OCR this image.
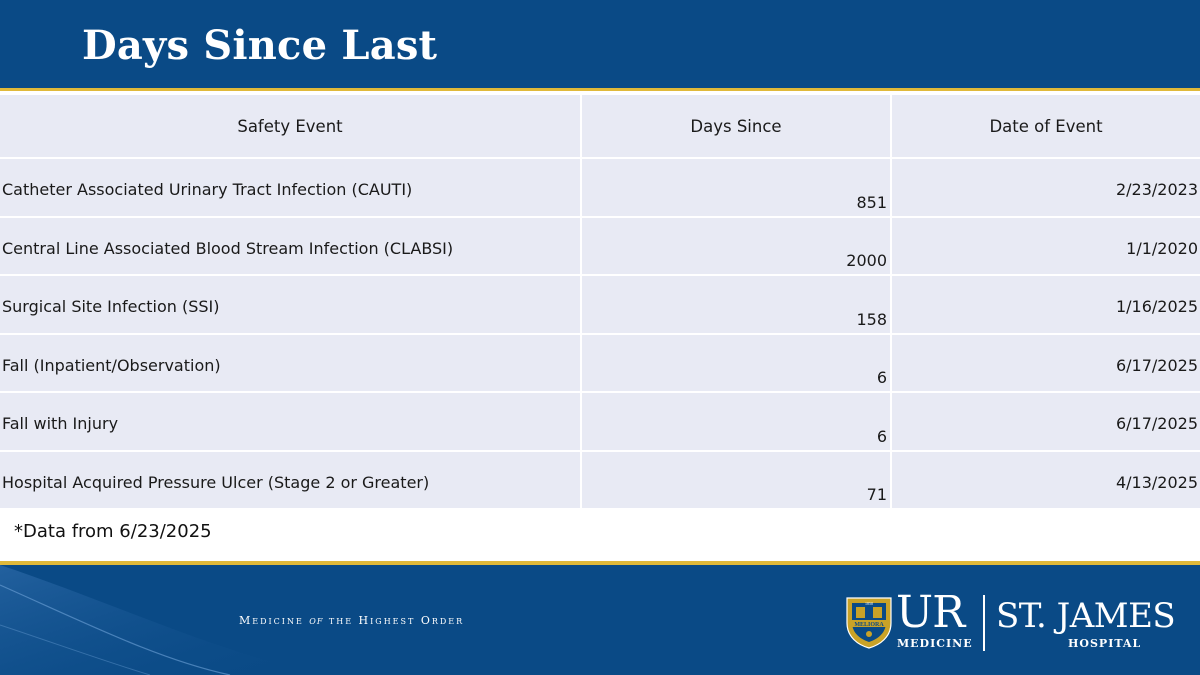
Days Since Last
Safety Event	Days Since	Date of Event
Catheter Associated Urinary Tract Infection (CAUTI)	851	2/23/2023
Central Line Associated Blood Stream Infection (CLABSI)	2000	1/1/2020
Surgical Site Infection (SSI)	158	1/16/2025
Fall (Inpatient/Observation)	6	6/17/2025
Fall with Injury	6	6/17/2025
Hospital Acquired Pressure Ulcer (Stage 2 or Greater)	71	4/13/2025
*Data from 6/23/2025
Medicine of the Highest Order	MELIORA
1850 UR
MEDICINE
ST. JAMES
HOSPITAL
